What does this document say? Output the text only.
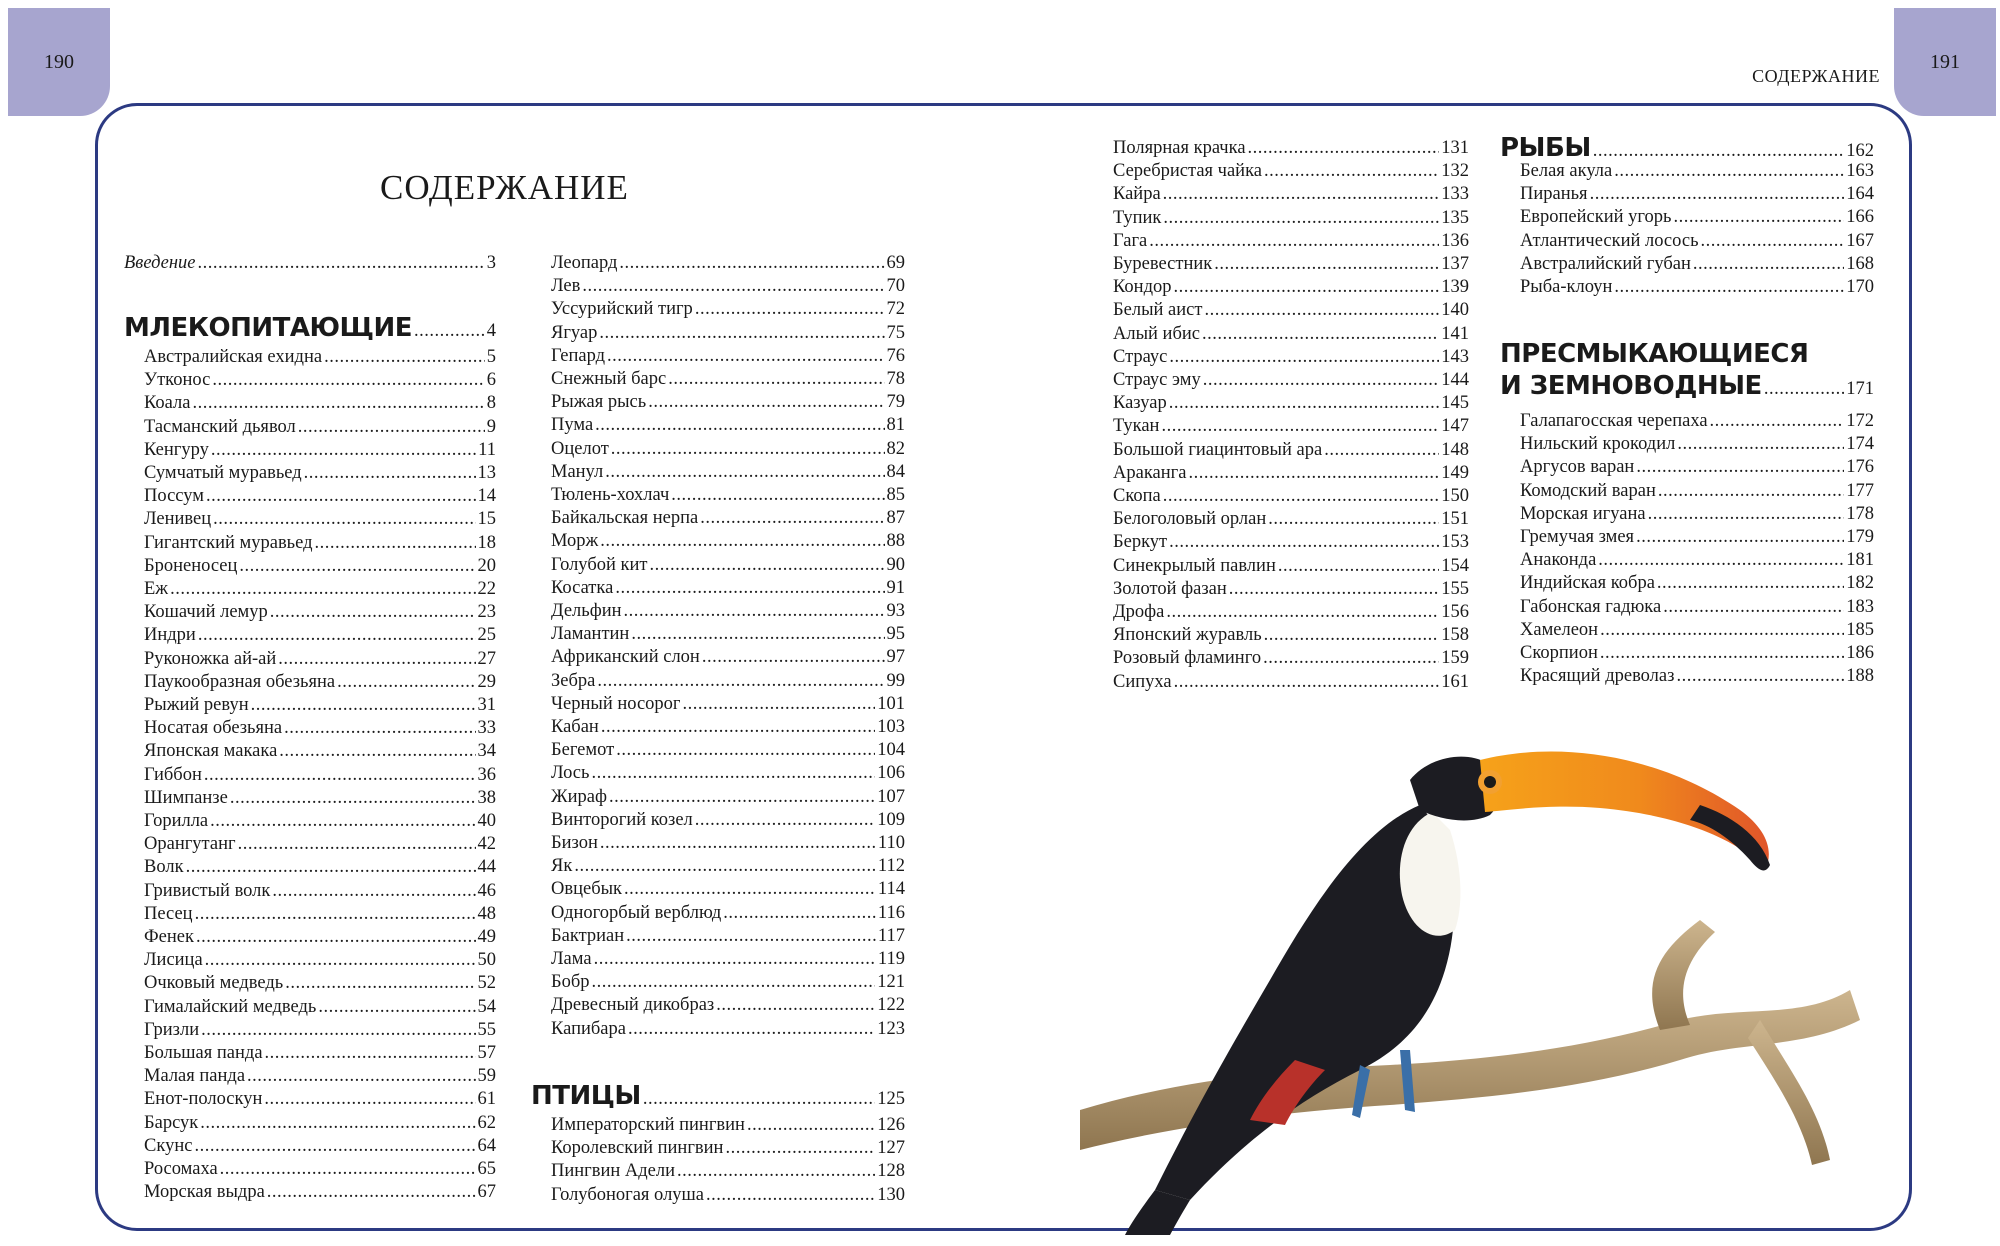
190	191
СОДЕРЖАНИЕ
СОДЕРЖАНИЕ
Введение .....	3
МЛЕКОПИТАЮЩИЕ .....	4
Австралийская ехидна .....	5
Утконос .....	6
Коала .....	8
Тасманский дьявол .....	9
Кенгуру .....	11
Сумчатый муравьед .....	13
Поссум .....	14
Ленивец .....	15
Гигантский муравьед .....	18
Броненосец .....	20
Еж .....	22
Кошачий лемур .....	23
Индри .....	25
Руконожка ай-ай .....	27
Паукообразная обезьяна .....	29
Рыжий ревун .....	31
Носатая обезьяна .....	33
Японская макака .....	34
Гиббон .....	36
Шимпанзе .....	38
Горилла .....	40
Орангутанг .....	42
Волк .....	44
Гривистый волк .....	46
Песец .....	48
Фенек .....	49
Лисица .....	50
Очковый медведь .....	52
Гималайский медведь .....	54
Гризли .....	55
Большая панда .....	57
Малая панда .....	59
Енот-полоскун .....	61
Барсук .....	62
Скунс .....	64
Росомаха .....	65
Морская выдра .....	67
Леопард .....	69
Лев .....	70
Уссурийский тигр .....	72
Ягуар .....	75
Гепард .....	76
Снежный барс .....	78
Рыжая рысь .....	79
Пума .....	81
Оцелот .....	82
Манул .....	84
Тюлень-хохлач .....	85
Байкальская нерпа .....	87
Морж .....	88
Голубой кит .....	90
Косатка .....	91
Дельфин .....	93
Ламантин .....	95
Африканский слон .....	97
Зебра .....	99
Черный носорог .....	101
Кабан .....	103
Бегемот .....	104
Лось .....	106
Жираф .....	107
Винторогий козел .....	109
Бизон .....	110
Як .....	112
Овцебык .....	114
Одногорбый верблюд .....	116
Бактриан .....	117
Лама .....	119
Бобр .....	121
Древесный дикобраз .....	122
Капибара .....	123
ПТИЦЫ .....	125
Императорский пингвин .....	126
Королевский пингвин .....	127
Пингвин Адели .....	128
Голубоногая олуша .....	130
Полярная крачка .....	131
Серебристая чайка .....	132
Кайра .....	133
Тупик .....	135
Гага .....	136
Буревестник .....	137
Кондор .....	139
Белый аист .....	140
Алый ибис .....	141
Страус .....	143
Страус эму .....	144
Казуар .....	145
Тукан .....	147
Большой гиацинтовый ара .....	148
Араканга .....	149
Скопа .....	150
Белоголовый орлан .....	151
Беркут .....	153
Синекрылый павлин .....	154
Золотой фазан .....	155
Дрофа .....	156
Японский журавль .....	158
Розовый фламинго .....	159
Сипуха .....	161
РЫБЫ .....	162
Белая акула .....	163
Пиранья .....	164
Европейский угорь .....	166
Атлантический лосось .....	167
Австралийский губан .....	168
Рыба-клоун .....	170
ПРЕСМЫКАЮЩИЕСЯ
И ЗЕМНОВОДНЫЕ .....	171
Галапагосская черепаха .....	172
Нильский крокодил .....	174
Аргусов варан .....	176
Комодский варан .....	177
Морская игуана .....	178
Гремучая змея .....	179
Анаконда .....	181
Индийская кобра .....	182
Габонская гадюка .....	183
Хамелеон .....	185
Скорпион .....	186
Красящий древолаз .....	188
